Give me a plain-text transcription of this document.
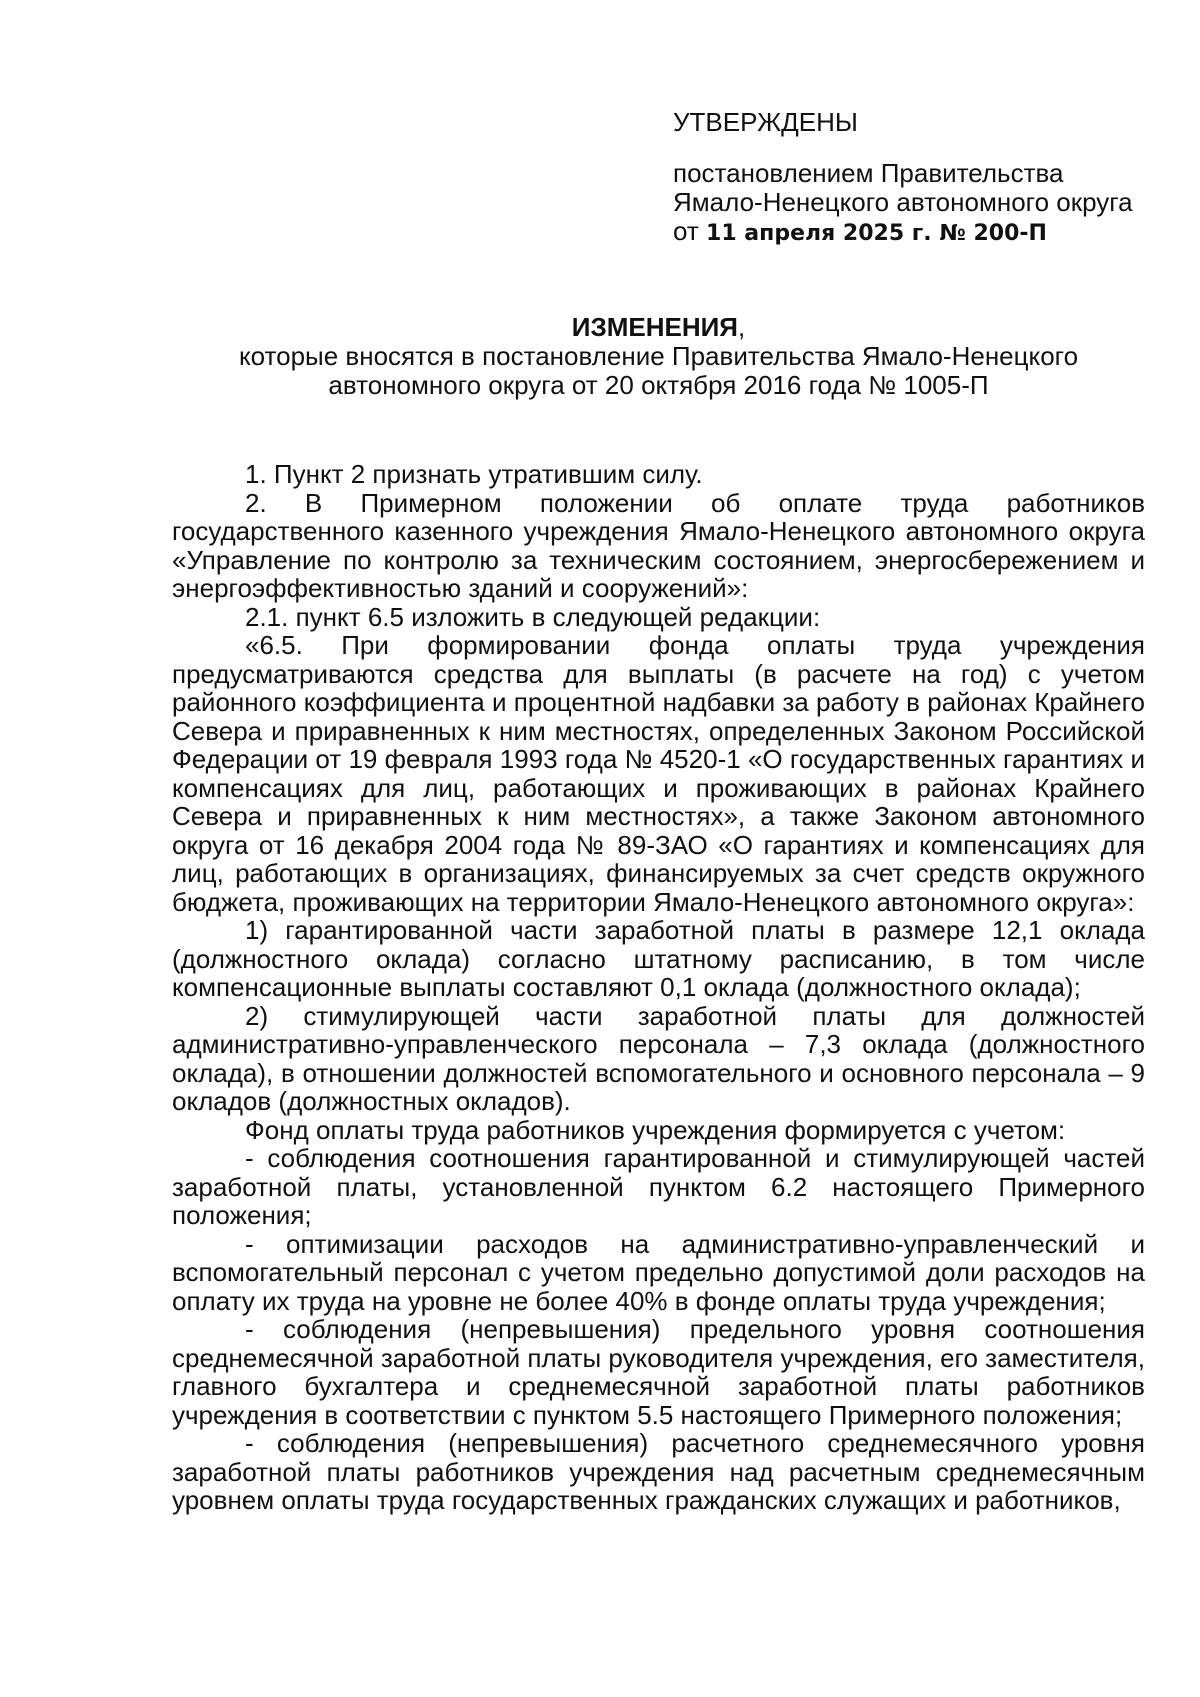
УТВЕРЖДЕНЫ
постановлением Правительства
Ямало-Ненецкого автономного округа
от 11 апреля 2025 г. № 200-П
ИЗМЕНЕНИЯ,
которые вносятся в постановление Правительства Ямало-Ненецкого автономного округа от 20 октября 2016 года № 1005-П

1. Пункт 2 признать утратившим силу.

2. В Примерном положении об оплате труда работников государственного казенного учреждения Ямало-Ненецкого автономного округа «Управление по контролю за техническим состоянием, энергосбережением и энергоэффективностью зданий и сооружений»:

2.1. пункт 6.5 изложить в следующей редакции:

«6.5. При формировании фонда оплаты труда учреждения предусматриваются средства для выплаты (в расчете на год) с учетом районного коэффициента и процентной надбавки за работу в районах Крайнего Севера и приравненных к ним местностях, определенных Законом Российской Федерации от 19 февраля 1993 года № 4520-1 «О государственных гарантиях и компенсациях для лиц, работающих и проживающих в районах Крайнего Севера и приравненных к ним местностях», а также Законом автономного округа от 16 декабря 2004 года № 89-ЗАО «О гарантиях и компенсациях для лиц, работающих в организациях, финансируемых за счет средств окружного бюджета, проживающих на территории Ямало-Ненецкого автономного округа»:

1) гарантированной части заработной платы в размере 12,1 оклада (должностного оклада) согласно штатному расписанию, в том числе компенсационные выплаты составляют 0,1 оклада (должностного оклада);

2) стимулирующей части заработной платы для должностей административно-управленческого персонала – 7,3 оклада (должностного оклада), в отношении должностей вспомогательного и основного персонала – 9 окладов (должностных окладов).

Фонд оплаты труда работников учреждения формируется с учетом:

- соблюдения соотношения гарантированной и стимулирующей частей заработной платы, установленной пунктом 6.2 настоящего Примерного положения;

- оптимизации расходов на административно-управленческий и вспомогательный персонал с учетом предельно допустимой доли расходов на оплату их труда на уровне не более 40% в фонде оплаты труда учреждения;

- соблюдения (непревышения) предельного уровня соотношения среднемесячной заработной платы руководителя учреждения, его заместителя, главного бухгалтера и среднемесячной заработной платы работников учреждения в соответствии с пунктом 5.5 настоящего Примерного положения;

- соблюдения (непревышения) расчетного среднемесячного уровня заработной платы работников учреждения над расчетным среднемесячным уровнем оплаты труда государственных гражданских служащих и работников,
